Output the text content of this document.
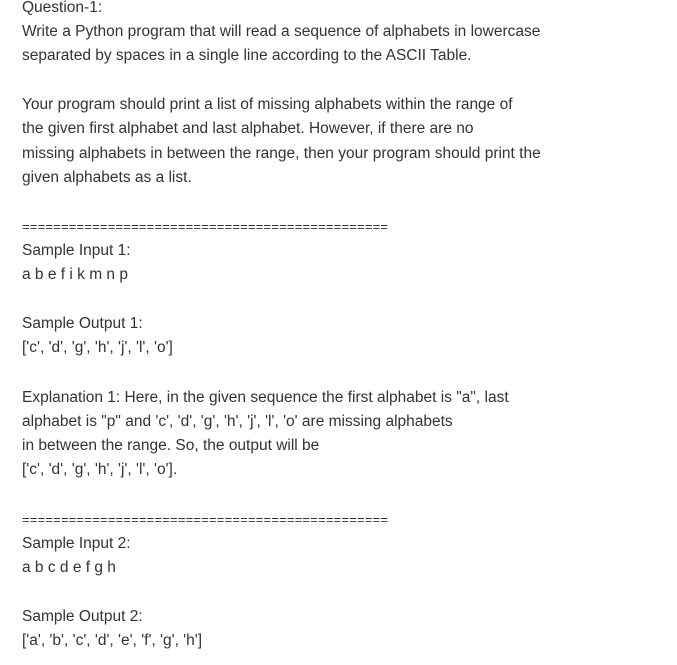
Question-1:
Write a Python program that will read a sequence of alphabets in lowercase
separated by spaces in a single line according to the ASCII Table.
Your program should print a list of missing alphabets within the range of
the given first alphabet and last alphabet. However, if there are no
missing alphabets in between the range, then your program should print the
given alphabets as a list.
===============================================
Sample Input 1:
a b e f i k m n p
Sample Output 1:
['c', 'd', 'g', 'h', 'j', 'l', 'o']
Explanation 1: Here, in the given sequence the first alphabet is "a", last
alphabet is "p" and 'c', 'd', 'g', 'h', 'j', 'l', 'o' are missing alphabets
in between the range. So, the output will be
['c', 'd', 'g', 'h', 'j', 'l', 'o'].
===============================================
Sample Input 2:
a b c d e f g h
Sample Output 2:
['a', 'b', 'c', 'd', 'e', 'f', 'g', 'h']
